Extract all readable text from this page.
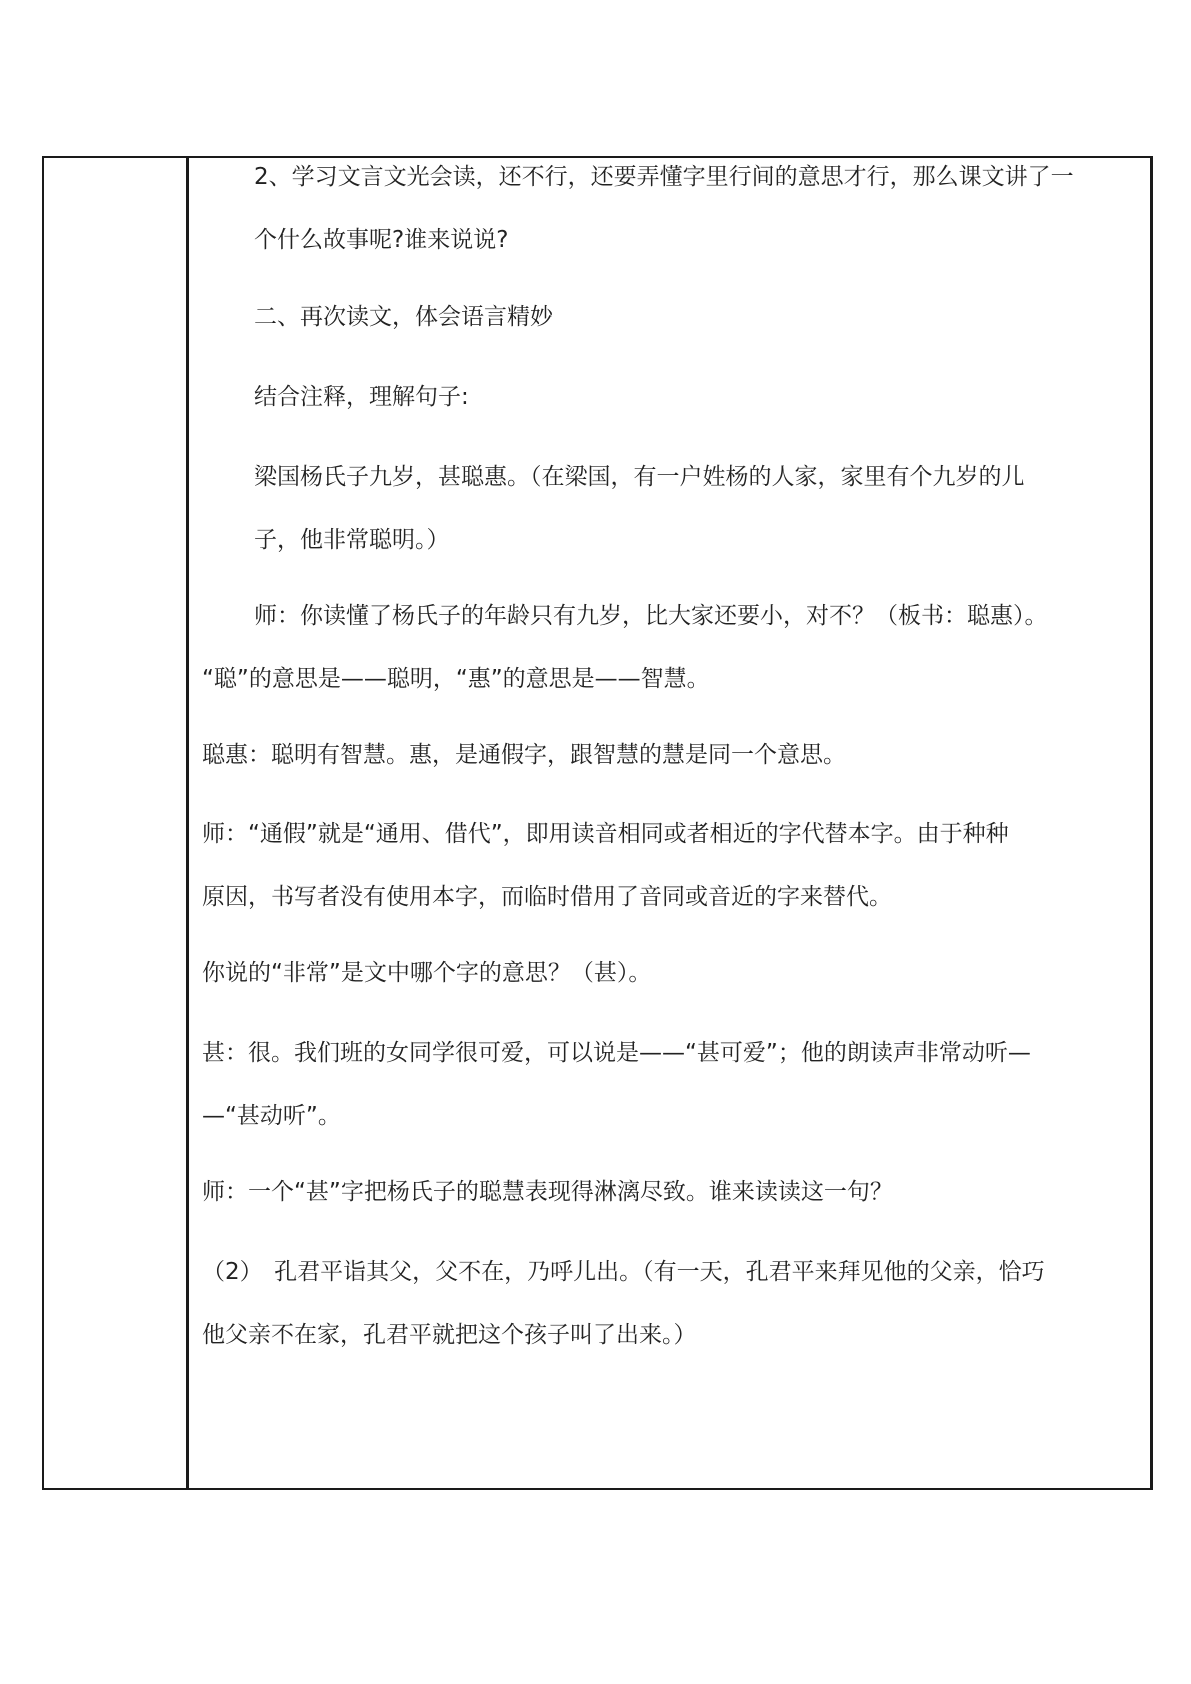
2、学习文言文光会读，还不行，还要弄懂字里行间的意思才行，那么课文讲了一
个什么故事呢?谁来说说?

二、再次读文，体会语言精妙

结合注释，理解句子:

梁国杨氏子九岁，甚聪惠。（在梁国，有一户姓杨的人家，家里有个九岁的儿
子，他非常聪明。）

师：你读懂了杨氏子的年龄只有九岁，比大家还要小，对不？（板书：聪惠）。
“聪”的意思是——聪明，“惠”的意思是——智慧。

聪惠：聪明有智慧。惠，是通假字，跟智慧的慧是同一个意思。

师：“通假”就是“通用、借代”，即用读音相同或者相近的字代替本字。由于种种
原因，书写者没有使用本字，而临时借用了音同或音近的字来替代。

你说的“非常”是文中哪个字的意思？（甚）。

甚：很。我们班的女同学很可爱，可以说是——“甚可爱”；他的朗读声非常动听—
—“甚动听”。

师：一个“甚”字把杨氏子的聪慧表现得淋漓尽致。谁来读读这一句？

（2）　孔君平诣其父，父不在，乃呼儿出。（有一天，孔君平来拜见他的父亲，恰巧
他父亲不在家，孔君平就把这个孩子叫了出来。）
